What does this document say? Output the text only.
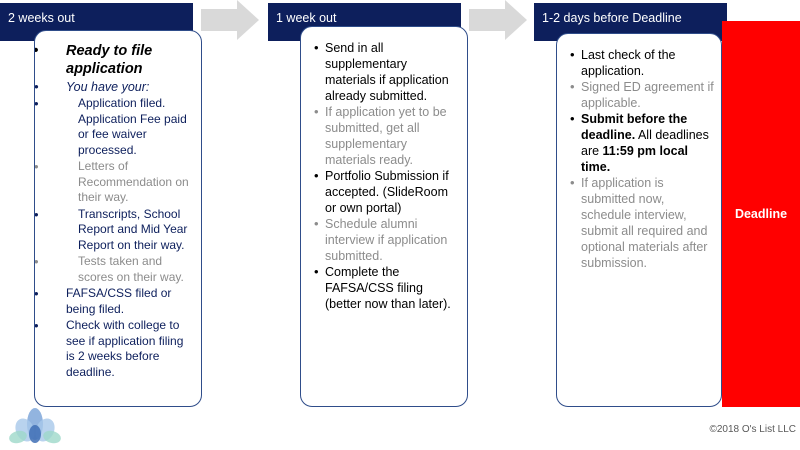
2 weeks out	1 week out	1-2 days before Deadline
• Ready to file application
• You have your:
• Application filed. Application Fee paid or fee waiver processed.
• Letters of Recommendation on their way.
• Transcripts, School Report and Mid Year Report on their way.
• Tests taken and scores on their way.
• FAFSA/CSS filed or being filed.
• Check with college to see if application filing is 2 weeks before deadline.
• Send in all supplementary materials if application already submitted.
• If application yet to be submitted, get all supplementary materials ready.
• Portfolio Submission if accepted. (SlideRoom or own portal)
• Schedule alumni interview if application submitted.
• Complete the FAFSA/CSS filing (better now than later).
• Last check of the application.
• Signed ED agreement if applicable.
• Submit before the deadline. All deadlines are 11:59 pm local time.
• If application is submitted now, schedule interview, submit all required and optional materials after submission.
Deadline
©2018 O's List LLC
